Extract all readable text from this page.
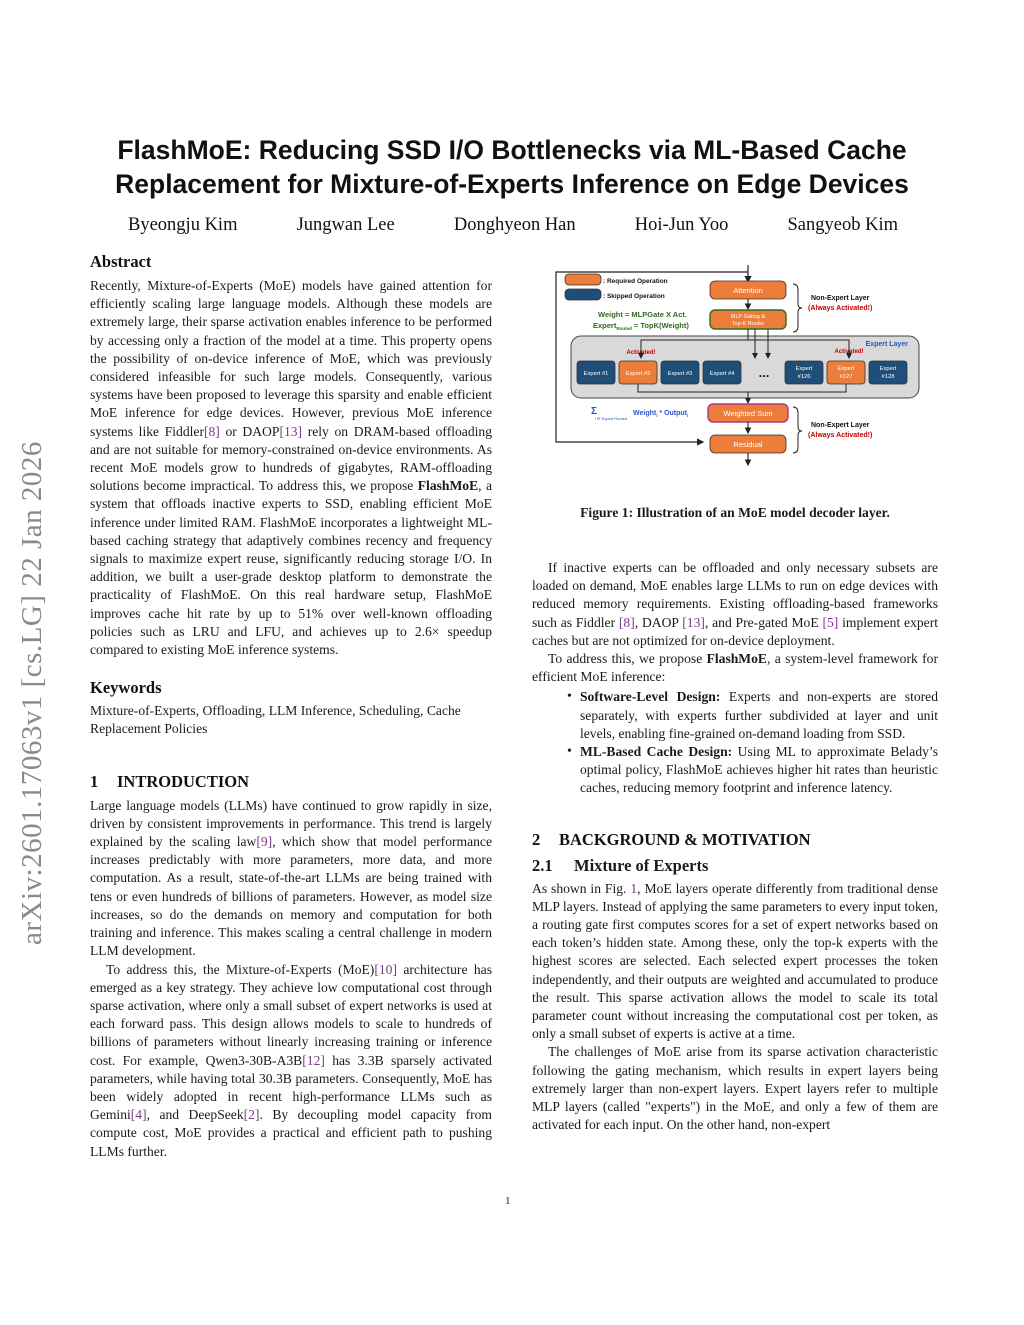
arXiv:2601.17063v1 [cs.LG] 22 Jan 2026
FlashMoE: Reducing SSD I/O Bottlenecks via ML-Based Cache
Replacement for Mixture-of-Experts Inference on Edge Devices
Byeongju Kim	Jungwan Lee	Donghyeon Han	Hoi-Jun Yoo	Sangyeob Kim
Abstract

Recently, Mixture-of-Experts (MoE) models have gained attention for efficiently scaling large language models. Although these models are extremely large, their sparse activation enables inference to be performed by accessing only a fraction of the model at a time. This property opens the possibility of on-device inference of MoE, which was previously considered infeasible for such large models. Consequently, various systems have been proposed to leverage this sparsity and enable efficient MoE inference for edge devices. However, previous MoE inference systems like Fiddler[8] or DAOP[13] rely on DRAM-based offloading and are not suitable for memory-constrained on-device environments. As recent MoE models grow to hundreds of gigabytes, RAM-offloading solutions become impractical. To address this, we propose FlashMoE, a system that offloads inactive experts to SSD, enabling efficient MoE inference under limited RAM. FlashMoE incorporates a lightweight ML-based caching strategy that adaptively combines recency and frequency signals to maximize expert reuse, significantly reducing storage I/O. In addition, we built a user-grade desktop platform to demonstrate the practicality of FlashMoE. On this real hardware setup, FlashMoE improves cache hit rate by up to 51% over well-known offloading policies such as LRU and LFU, and achieves up to 2.6× speedup compared to existing MoE inference systems.

Keywords

Mixture-of-Experts, Offloading, LLM Inference, Scheduling, Cache Replacement Policies

1 INTRODUCTION

Large language models (LLMs) have continued to grow rapidly in size, driven by consistent improvements in performance. This trend is largely explained by the scaling law[9], which show that model performance increases predictably with more parameters, more data, and more computation. As a result, state-of-the-art LLMs are being trained with tens or even hundreds of billions of parameters. However, as model size increases, so do the demands on memory and computation for both training and inference. This makes scaling a central challenge in modern LLM development.

To address this, the Mixture-of-Experts (MoE)[10] architecture has emerged as a key strategy. They achieve low computational cost through sparse activation, where only a small subset of expert networks is used at each forward pass. This design allows models to scale to hundreds of billions of parameters without linearly increasing training or inference cost. For example, Qwen3-30B-A3B[12] has 3.3B sparsely activated parameters, while having total 30.3B parameters. Consequently, MoE has been widely adopted in recent high-performance LLMs such as Gemini[4], and DeepSeek[2]. By decoupling model capacity from compute cost, MoE provides a practical and efficient path to pushing LLMs further.

: Required Operation
: Skipped Operation
Weight = MLPGate X Act.
Expert$_{Routed}$ = TopK(Weight)
Attention
MLP Gating &
Top-K Router
Non-Expert Layer
(Always Activated!)
Expert Layer
Activated!	Activated!
Expert #1	Expert #2	Expert #3	Expert #4 ...	Expert
#126
Expert
#127
Expert
#128
Σ
i ∈ Expert Routed
Weight$_i$ * Output$_i$	Weighted Sum
Residual
Non-Expert Layer
(Always Activated!)
Figure 1: Illustration of an MoE model decoder layer.

If inactive experts can be offloaded and only necessary subsets are loaded on demand, MoE enables large LLMs to run on edge devices with reduced memory requirements. Existing offloading-based frameworks such as Fiddler [8], DAOP [13], and Pre-gated MoE [5] implement expert caches but are not optimized for on-device deployment.

To address this, we propose FlashMoE, a system-level framework for efficient MoE inference:

• Software-Level Design: Experts and non-experts are stored separately, with experts further subdivided at layer and unit levels, enabling fine-grained on-demand loading from SSD.
• ML-Based Cache Design: Using ML to approximate Belady’s optimal policy, FlashMoE achieves higher hit rates than heuristic caches, reducing memory footprint and inference latency.
2 BACKGROUND & MOTIVATION
2.1 Mixture of Experts

As shown in Fig. 1, MoE layers operate differently from traditional dense MLP layers. Instead of applying the same parameters to every input token, a routing gate first computes scores for a set of expert networks based on each token’s hidden state. Among these, only the top-k experts with the highest scores are selected. Each selected expert processes the token independently, and their outputs are weighted and accumulated to produce the result. This sparse activation allows the model to scale its total parameter count without increasing the computational cost per token, as only a small subset of experts is active at a time.

The challenges of MoE arise from its sparse activation characteristic following the gating mechanism, which results in expert layers being extremely larger than non-expert layers. Expert layers refer to multiple MLP layers (called "experts") in the MoE, and only a few of them are activated for each input. On the other hand, non-expert

1
